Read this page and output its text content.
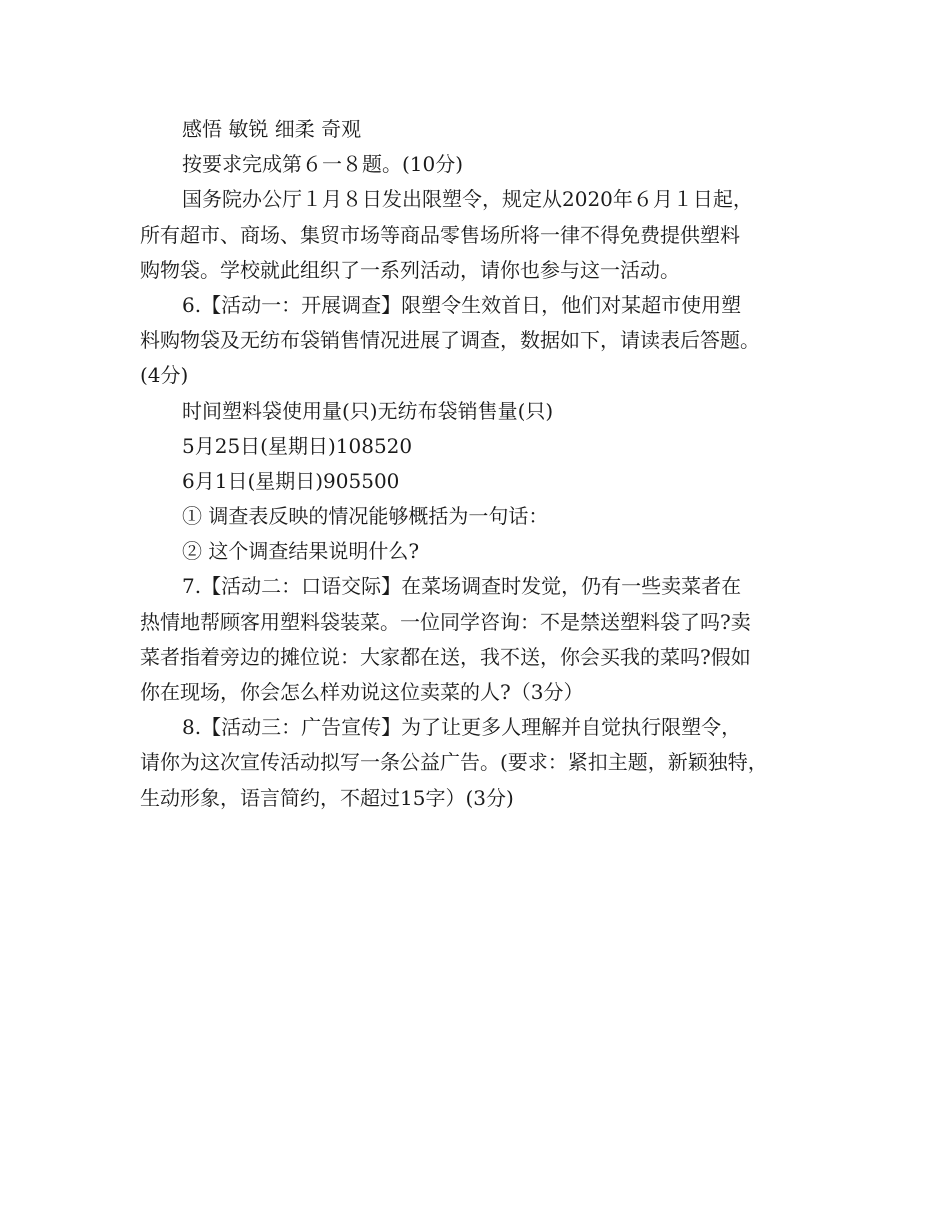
感悟 敏锐 细柔 奇观
按要求完成第６一８题。(10分)
国务院办公厅１月８日发出限塑令，规定从2020年６月１日起，
所有超市、商场、集贸市场等商品零售场所将一律不得免费提供塑料
购物袋。学校就此组织了一系列活动，请你也参与这一活动。
6.【活动一：开展调查】限塑令生效首日，他们对某超市使用塑
料购物袋及无纺布袋销售情况进展了调查，数据如下，请读表后答题。
(4分)
时间塑料袋使用量(只)无纺布袋销售量(只)
5月25日(星期日)108520
6月1日(星期日)905500
① 调查表反映的情况能够概括为一句话：
② 这个调查结果说明什么?
7.【活动二：口语交际】在菜场调查时发觉，仍有一些卖菜者在
热情地帮顾客用塑料袋装菜。一位同学咨询：不是禁送塑料袋了吗?卖
菜者指着旁边的摊位说：大家都在送，我不送，你会买我的菜吗?假如
你在现场，你会怎么样劝说这位卖菜的人?（3分）
8.【活动三：广告宣传】为了让更多人理解并自觉执行限塑令，
请你为这次宣传活动拟写一条公益广告。(要求：紧扣主题，新颖独特，
生动形象，语言简约，不超过15字）(3分)
